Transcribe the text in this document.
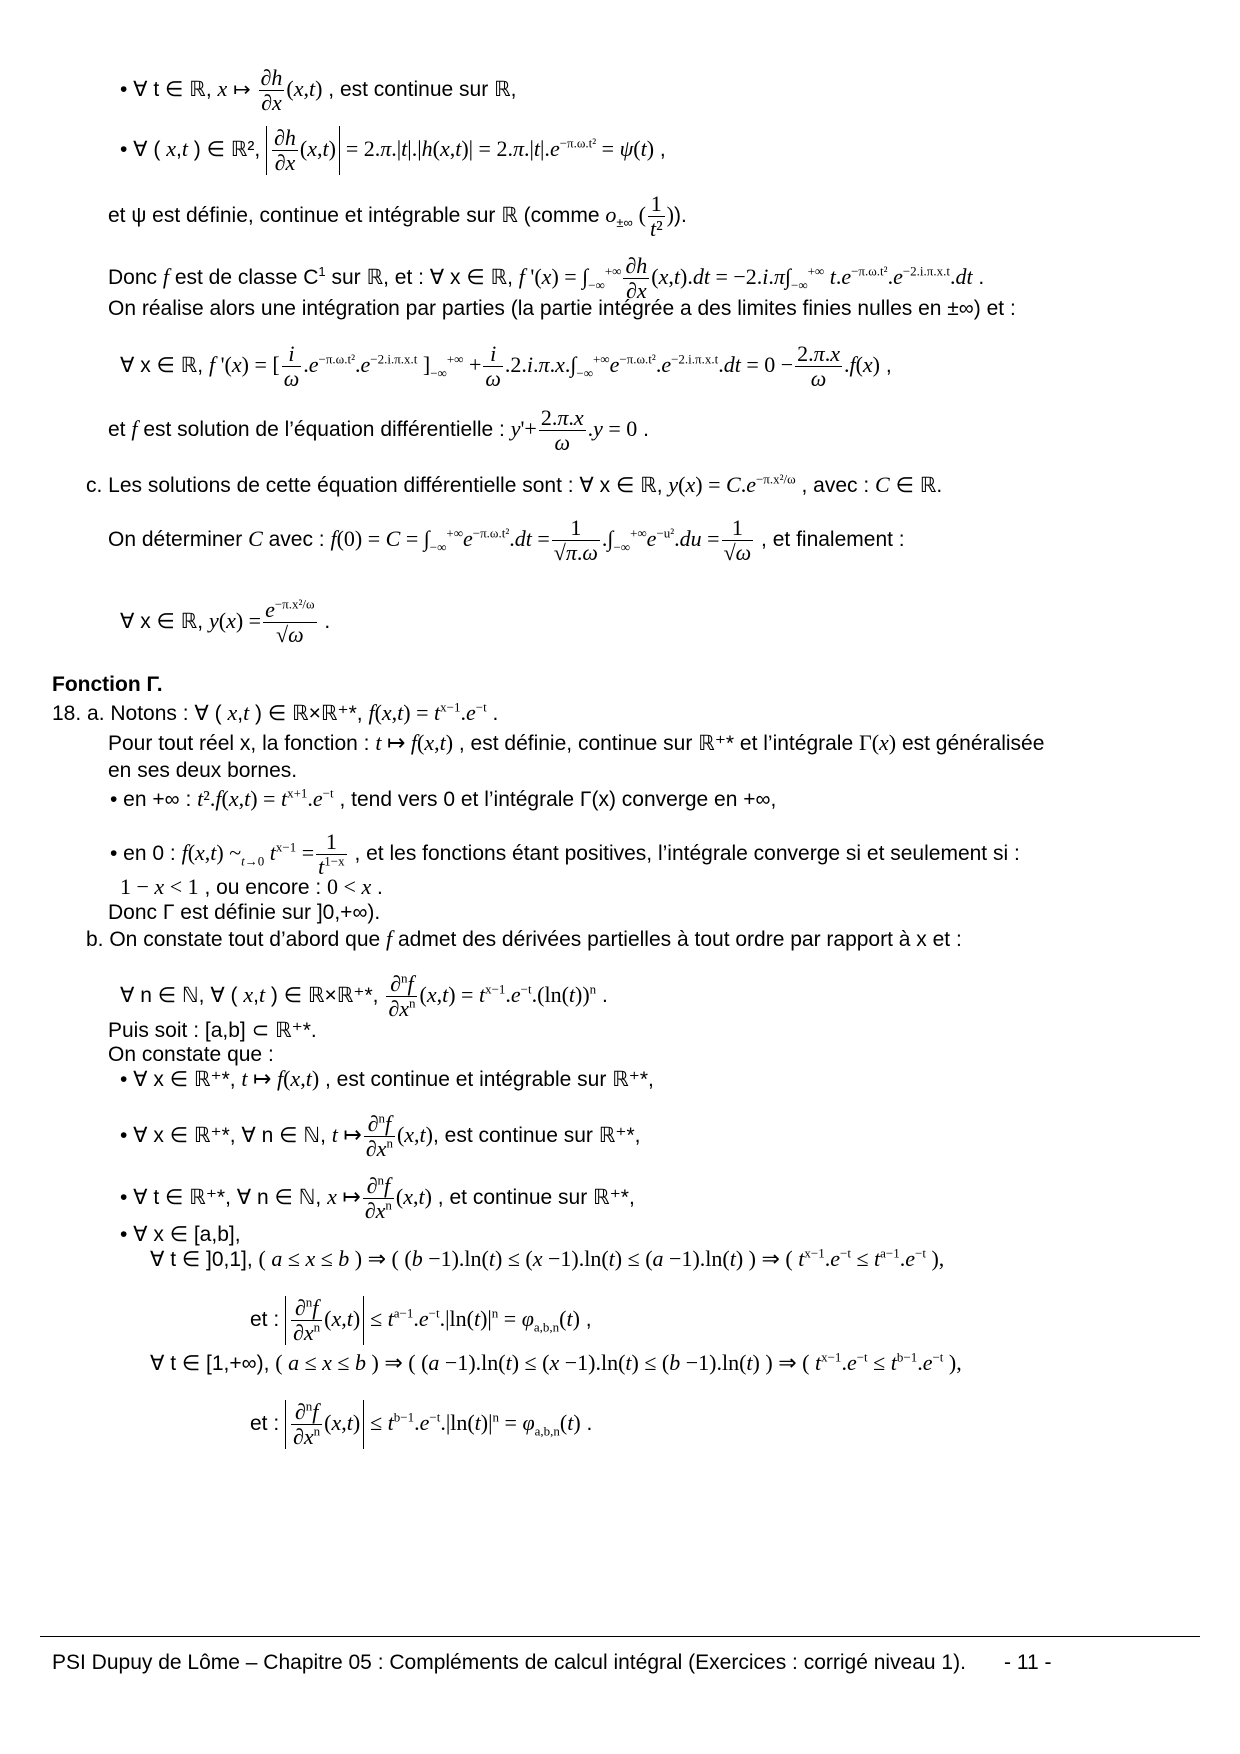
• ∀ t ∈ ℝ, x ↦ $\frac{\partial h}{\partial x} (x,t)$ , est continue sur ℝ,
• ∀ ( x,t ) ∈ ℝ², $\frac{\partial h}{\partial x} (x,t) = 2.\pi.|t|.|h(x,t)| = 2.\pi.|t|.e^{-\pi.\omega.t^2} = \psi(t)$ ,
et ψ est définie, continue et intégrable sur ℝ (comme $o_{\pm\infty}$ ( $\frac{1}{\text{t²}}$ )).
Donc f est de classe $C^1$ sur ℝ, et : ∀ x ∈ ℝ, f '$(x) = \int_{-\infty}^{+\infty} \frac{\partial h}{\partial x} (x,t).dt = -2.i.\pi\int_{-\infty}^{+\infty}$ $t.e^{-\pi.\omega.t^2}.e^{-2.i.\pi.x.t}.dt$ .
On réalise alors une intégration par parties (la partie intégrée a des limites finies nulles en ±∞) et :
∀ x ∈ ℝ, f '(x) = [ $\frac{i}{\omega} .e^{-\pi.\omega.t^2}.e^{-2.i.\pi.x.t}$ ]$_{-\infty}^{+\infty} + \frac{i}{\omega} .2.i.\pi.x.\int_{-\infty}^{+\infty}e^{-\pi.\omega.t^2}.e^{-2.i.\pi.x.t}.dt = 0 - \frac{2.\pi.x}{\omega} .f(x)$ ,
et f est solution de l’équation différentielle : $y'+ \frac{2.\pi.x}{\omega} .y = 0$ .
c. Les solutions de cette équation différentielle sont : ∀ x ∈ ℝ, $y(x) = C.e^{-\pi.x^2/\omega}$ , avec : C ∈ ℝ.
On déterminer C avec : $f(0) = C = \int_{-\infty}^{+\infty}e^{-\pi.\omega.t^2}.dt = \frac{1}{√\pi.\omega} .\int_{-\infty}^{+\infty}e^{-u^2}.du = \frac{1}{√\omega}$ , et finalement :
∀ x ∈ ℝ, $y(x) = \frac{e^{-\pi.x^2/\omega}}{√\omega}$ .
Fonction Γ.
18. a. Notons : ∀ ( x,t ) ∈ ℝ×ℝ⁺*, $f(x,t) = t^{x-1}.e^{-t}$ .
Pour tout réel x, la fonction : t ↦ f(x,t) , est définie, continue sur ℝ⁺* et l’intégrale Γ(x) est généralisée
en ses deux bornes.
• en +∞ : $t^2.f(x,t) = t^{x+1}.e^{-t}$ , tend vers 0 et l’intégrale Γ(x) converge en +∞,
• en 0 : f(x,t) $\sim_{t\to 0}$ $t^{x-1} = \frac{1}{t^{1-x}}$ , et les fonctions étant positives, l’intégrale converge si et seulement si :
1 − x < 1 , ou encore : 0 < x .
Donc Γ est définie sur ]0,+∞).
b. On constate tout d’abord que f admet des dérivées partielles à tout ordre par rapport à x et :
∀ n ∈ ℕ, ∀ ( x,t ) ∈ ℝ×ℝ⁺*, $\frac{\partial^nf}{\partial x^n} (x,t) = t^{x-1}.e^{-t}.(\ln(t))^n$ .
Puis soit : [a,b] ⊂ ℝ⁺*.
On constate que :
• ∀ x ∈ ℝ⁺*, t ↦ f(x,t) , est continue et intégrable sur ℝ⁺*,
• ∀ x ∈ ℝ⁺*, ∀ n ∈ ℕ, t ↦ $\frac{\partial^nf}{\partial x^n} (x,t)$, est continue sur ℝ⁺*,
• ∀ t ∈ ℝ⁺*, ∀ n ∈ ℕ, x ↦ $\frac{\partial^nf}{\partial x^n} (x,t)$ , et continue sur ℝ⁺*,
• ∀ x ∈ [a,b],
∀ t ∈ ]0,1], ( a ≤ x ≤ b ) ⇒ ( (b −1).ln(t) ≤ (x −1).ln(t) ≤ (a −1).ln(t) ) ⇒ ( $t^{x-1}.e^{-t} \le t^{a-1}.e^{-t}$ ),
et : $\frac{\partial^nf}{\partial x^n} (x,t) \le t^{a-1}.e^{-t}.|\ln(t)|^n = \varphi_{a,b,n}(t)$ ,
∀ t ∈ [1,+∞), ( a ≤ x ≤ b ) ⇒ ( (a −1).ln(t) ≤ (x −1).ln(t) ≤ (b −1).ln(t) ) ⇒ ( $t^{x-1}.e^{-t} \le t^{b-1}.e^{-t}$ ),
et : $\frac{\partial^nf}{\partial x^n} (x,t) \le t^{b-1}.e^{-t}.|\ln(t)|^n = \varphi_{a,b,n}(t)$ .
PSI Dupuy de Lôme – Chapitre 05 : Compléments de calcul intégral (Exercices : corrigé niveau 1). - 11 -
